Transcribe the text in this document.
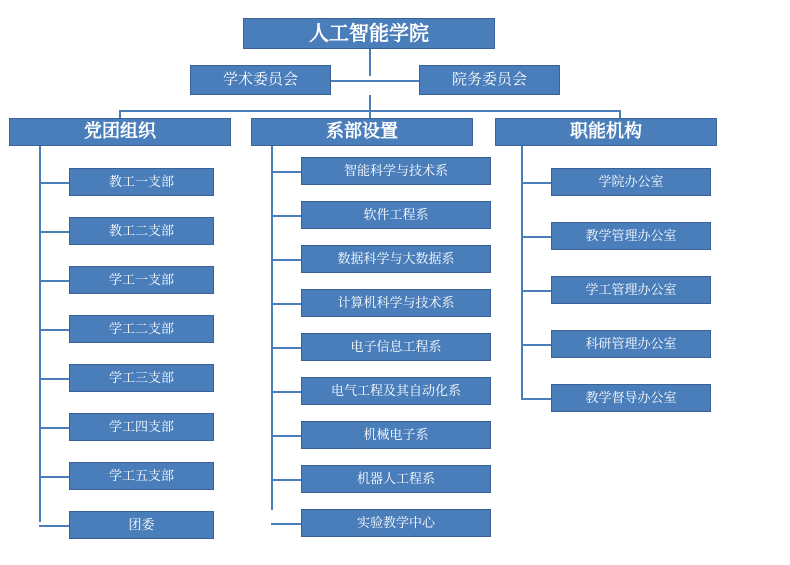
人工智能学院
学术委员会	院务委员会
党团组织	系部设置	职能机构
教工一支部
教工二支部
学工一支部
学工二支部
学工三支部
学工四支部
学工五支部
团委
智能科学与技术系
软件工程系
数据科学与大数据系
计算机科学与技术系
电子信息工程系
电气工程及其自动化系
机械电子系
机器人工程系
实验教学中心
学院办公室
教学管理办公室
学工管理办公室
科研管理办公室
教学督导办公室
